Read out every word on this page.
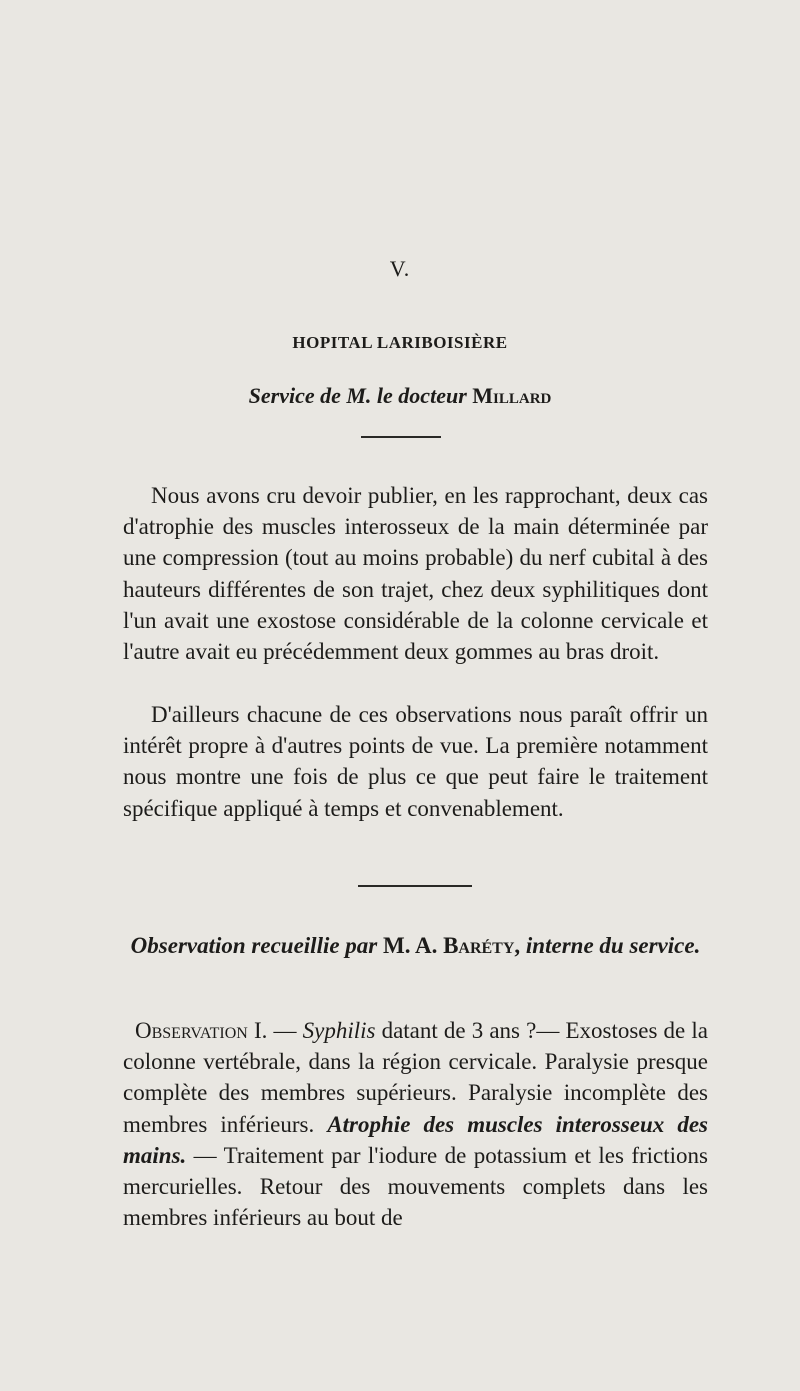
V.
HOPITAL LARIBOISIÈRE
Service de M. le docteur Millard

Nous avons cru devoir publier, en les rapprochant, deux cas d'atrophie des muscles interosseux de la main déterminée par une compression (tout au moins probable) du nerf cubital à des hauteurs différentes de son trajet, chez deux syphilitiques dont l'un avait une exostose considérable de la colonne cervicale et l'autre avait eu précédemment deux gommes au bras droit.

D'ailleurs chacune de ces observations nous paraît offrir un intérêt propre à d'autres points de vue. La première notamment nous montre une fois de plus ce que peut faire le traitement spécifique appliqué à temps et convenablement.

Observation recueillie par M. A. Baréty, interne du service.

Observation I. — Syphilis datant de 3 ans ?— Exostoses de la colonne vertébrale, dans la région cervicale. Paralysie presque complète des membres supérieurs. Paralysie incomplète des membres inférieurs. Atrophie des muscles interosseux des mains. — Traitement par l'iodure de potassium et les frictions mercurielles. Retour des mouvements complets dans les membres inférieurs au bout de
